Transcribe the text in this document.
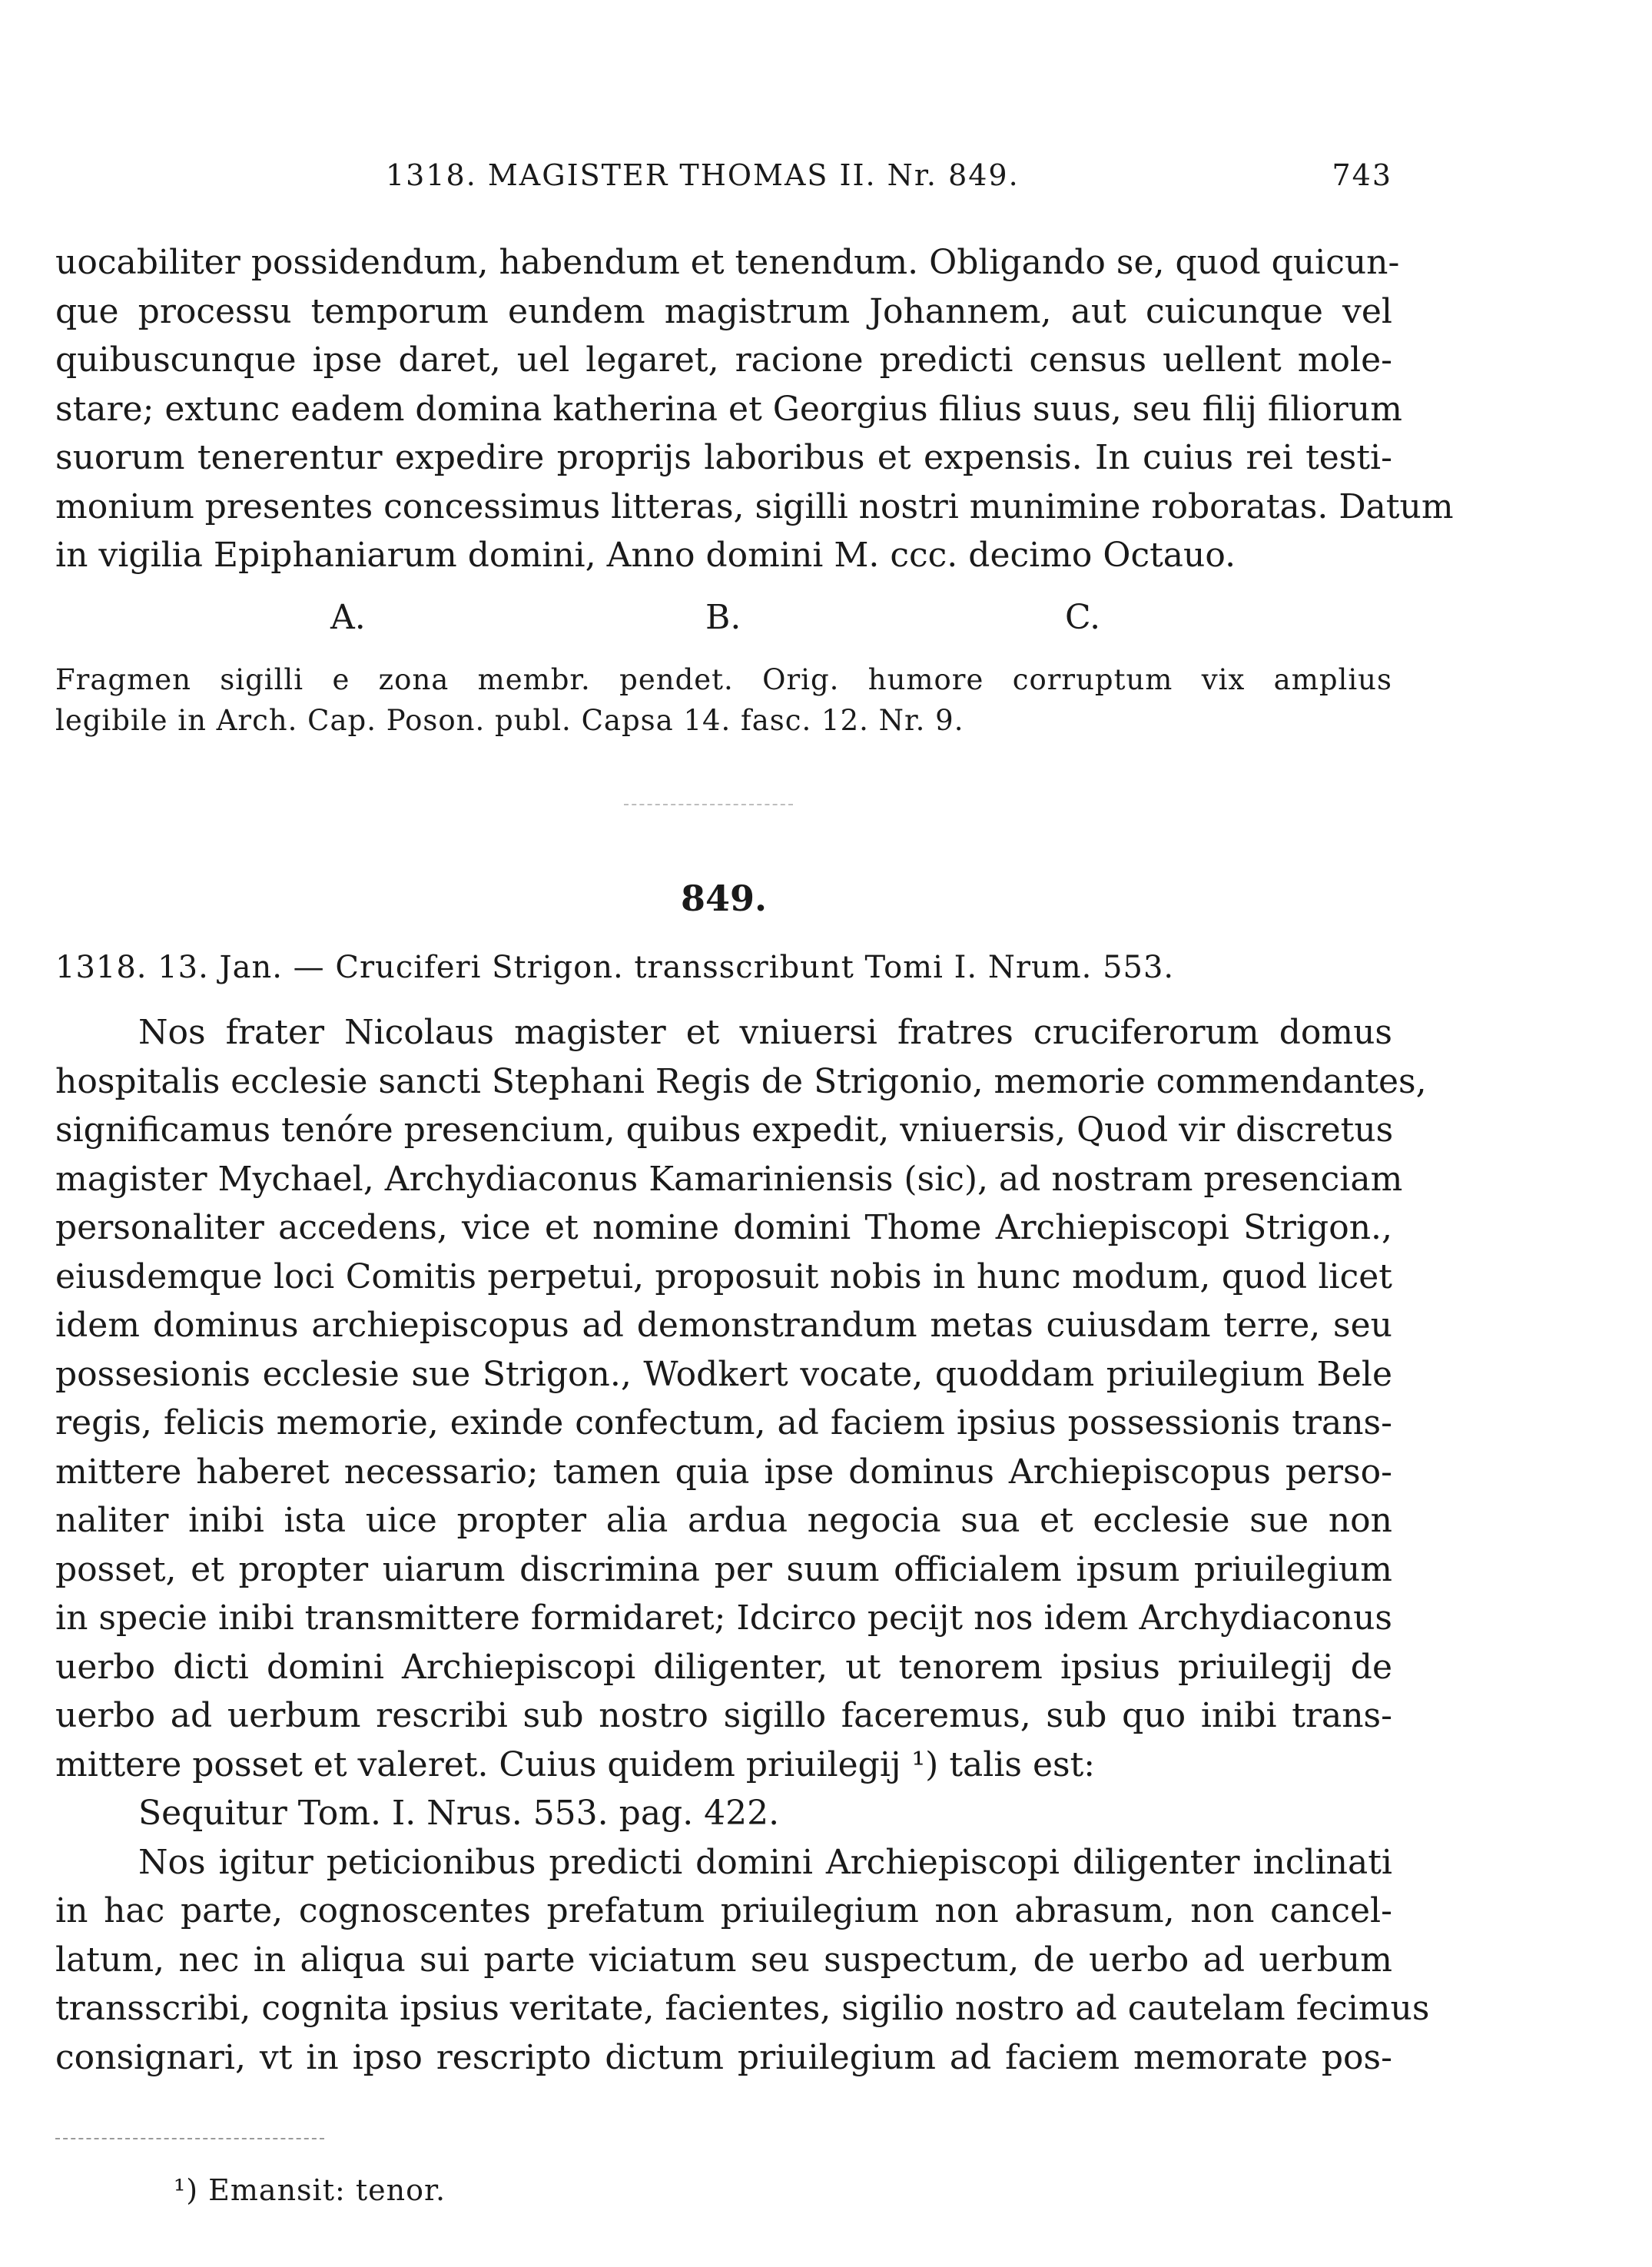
1318. MAGISTER THOMAS II. Nr. 849.	743
uocabiliter possidendum, habendum et tenendum. Obligando se, quod quicun-
que processu temporum eundem magistrum Johannem, aut cuicunque vel
quibuscunque ipse daret, uel legaret, racione predicti census uellent mole-
stare; extunc eadem domina katherina et Georgius filius suus, seu filij filiorum
suorum tenerentur expedire proprijs laboribus et expensis. In cuius rei testi-
monium presentes concessimus litteras, sigilli nostri munimine roboratas. Datum
in vigilia Epiphaniarum domini, Anno domini M. ccc. decimo Octauo.
A.	B.	C.
Fragmen sigilli e zona membr. pendet. Orig. humore corruptum vix amplius
legibile in Arch. Cap. Poson. publ. Capsa 14. fasc. 12. Nr. 9.
849.
1318. 13. Jan. — Cruciferi Strigon. transscribunt Tomi I. Nrum. 553.
Nos frater Nicolaus magister et vniuersi fratres cruciferorum domus
hospitalis ecclesie sancti Stephani Regis de Strigonio, memorie commendantes,
significamus tenóre presencium, quibus expedit, vniuersis, Quod vir discretus
magister Mychael, Archydiaconus Kamariniensis (sic), ad nostram presenciam
personaliter accedens, vice et nomine domini Thome Archiepiscopi Strigon.,
eiusdemque loci Comitis perpetui, proposuit nobis in hunc modum, quod licet
idem dominus archiepiscopus ad demonstrandum metas cuiusdam terre, seu
possesionis ecclesie sue Strigon., Wodkert vocate, quoddam priuilegium Bele
regis, felicis memorie, exinde confectum, ad faciem ipsius possessionis trans-
mittere haberet necessario; tamen quia ipse dominus Archiepiscopus perso-
naliter inibi ista uice propter alia ardua negocia sua et ecclesie sue non
posset, et propter uiarum discrimina per suum officialem ipsum priuilegium
in specie inibi transmittere formidaret; Idcirco pecijt nos idem Archydiaconus
uerbo dicti domini Archiepiscopi diligenter, ut tenorem ipsius priuilegij de
uerbo ad uerbum rescribi sub nostro sigillo faceremus, sub quo inibi trans-
mittere posset et valeret. Cuius quidem priuilegij ¹) talis est:
Sequitur Tom. I. Nrus. 553. pag. 422.
Nos igitur peticionibus predicti domini Archiepiscopi diligenter inclinati
in hac parte, cognoscentes prefatum priuilegium non abrasum, non cancel-
latum, nec in aliqua sui parte viciatum seu suspectum, de uerbo ad uerbum
transscribi, cognita ipsius veritate, facientes, sigilio nostro ad cautelam fecimus
consignari, vt in ipso rescripto dictum priuilegium ad faciem memorate pos-
¹) Emansit: tenor.
